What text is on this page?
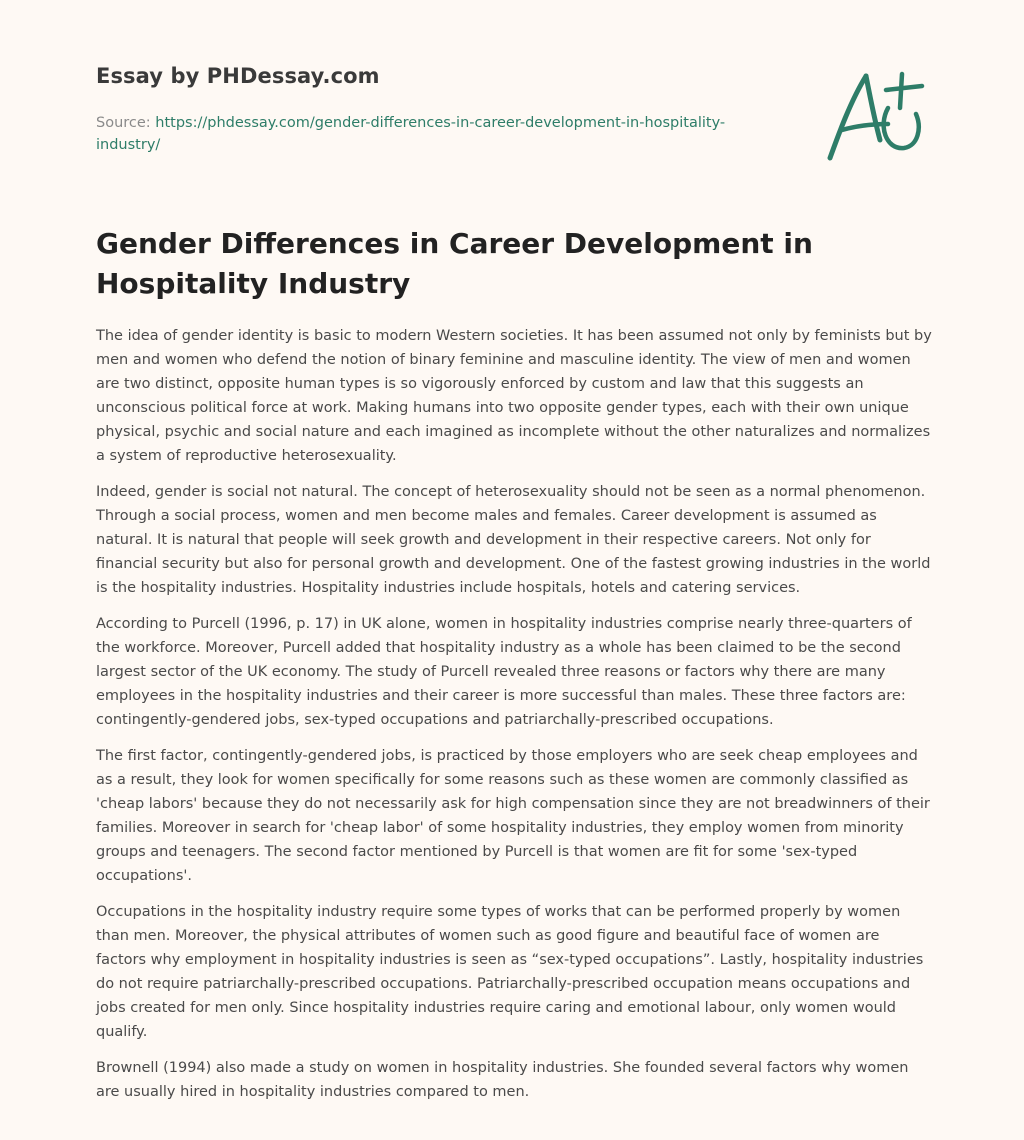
Essay by PHDessay.com
Source: https://phdessay.com/gender-differences-in-career-development-in-hospitality-
industry/
Gender Differences in Career Development in Hospitality Industry

The idea of gender identity is basic to modern Western societies. It has been assumed not only by feminists but by men and women who defend the notion of binary feminine and masculine identity. The view of men and women are two distinct, opposite human types is so vigorously enforced by custom and law that this suggests an unconscious political force at work. Making humans into two opposite gender types, each with their own unique physical, psychic and social nature and each imagined as incomplete without the other naturalizes and normalizes a system of reproductive heterosexuality.

Indeed, gender is social not natural. The concept of heterosexuality should not be seen as a normal phenomenon. Through a social process, women and men become males and females. Career development is assumed as natural. It is natural that people will seek growth and development in their respective careers. Not only for financial security but also for personal growth and development. One of the fastest growing industries in the world is the hospitality industries. Hospitality industries include hospitals, hotels and catering services.

According to Purcell (1996, p. 17) in UK alone, women in hospitality industries comprise nearly three-quarters of the workforce. Moreover, Purcell added that hospitality industry as a whole has been claimed to be the second largest sector of the UK economy. The study of Purcell revealed three reasons or factors why there are many employees in the hospitality industries and their career is more successful than males. These three factors are: contingently-gendered jobs, sex-typed occupations and patriarchally-prescribed occupations.

The first factor, contingently-gendered jobs, is practiced by those employers who are seek cheap employees and as a result, they look for women specifically for some reasons such as these women are commonly classified as 'cheap labors' because they do not necessarily ask for high compensation since they are not breadwinners of their families. Moreover in search for 'cheap labor' of some hospitality industries, they employ women from minority groups and teenagers. The second factor mentioned by Purcell is that women are fit for some 'sex-typed occupations'.

Occupations in the hospitality industry require some types of works that can be performed properly by women than men. Moreover, the physical attributes of women such as good figure and beautiful face of women are factors why employment in hospitality industries is seen as “sex-typed occupations”. Lastly, hospitality industries do not require patriarchally-prescribed occupations. Patriarchally-prescribed occupation means occupations and jobs created for men only. Since hospitality industries require caring and emotional labour, only women would qualify.

Brownell (1994) also made a study on women in hospitality industries. She founded several factors why women are usually hired in hospitality industries compared to men.
